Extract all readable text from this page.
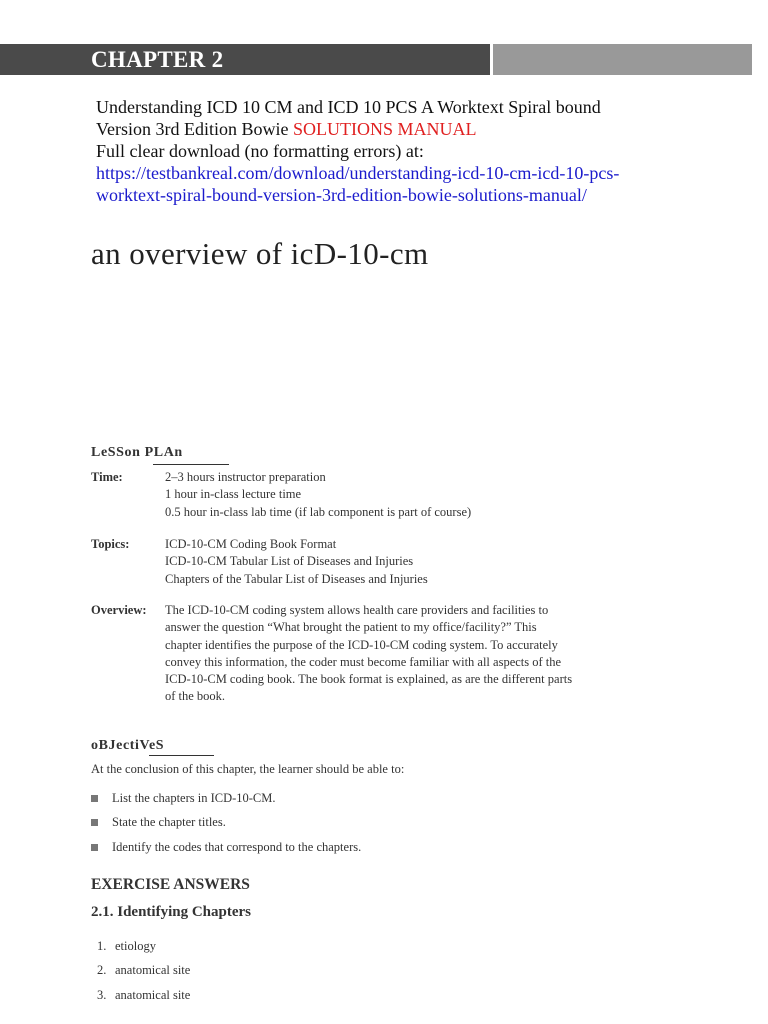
CHAPTER 2
Understanding ICD 10 CM and ICD 10 PCS A Worktext Spiral bound
Version 3rd Edition Bowie SOLUTIONS MANUAL
Full clear download (no formatting errors) at:
https://testbankreal.com/download/understanding-icd-10-cm-icd-10-pcs-
worktext-spiral-bound-version-3rd-edition-bowie-solutions-manual/
an overview of icD-10-cm
LeSSon PLAn
Time:	2–3 hours instructor preparation
1 hour in-class lecture time
0.5 hour in-class lab time (if lab component is part of course)
Topics:	ICD-10-CM Coding Book Format
ICD-10-CM Tabular List of Diseases and Injuries
Chapters of the Tabular List of Diseases and Injuries
Overview:	The ICD-10-CM coding system allows health care providers and facilities to
answer the question “What brought the patient to my office/facility?” This
chapter identifies the purpose of the ICD-10-CM coding system. To accurately
convey this information, the coder must become familiar with all aspects of the
ICD-10-CM coding book. The book format is explained, as are the different parts
of the book.
oBJectiVeS
At the conclusion of this chapter, the learner should be able to:
List the chapters in ICD-10-CM.
State the chapter titles.
Identify the codes that correspond to the chapters.
EXERCISE ANSWERS
2.1. Identifying Chapters
1. etiology
2. anatomical site
3. anatomical site
